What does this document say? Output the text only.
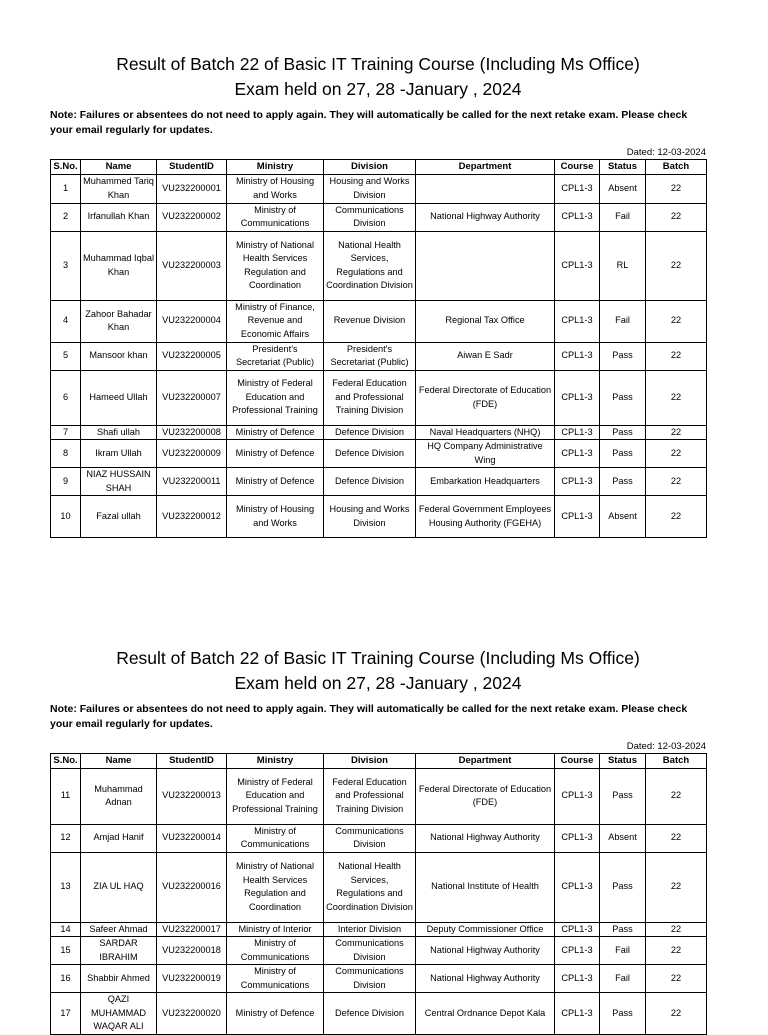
Result of Batch 22 of Basic IT Training Course (Including Ms Office)
Exam held on 27, 28 -January , 2024
Note: Failures or absentees do not need to apply again. They will automatically be called for the next retake exam. Please check your email regularly for updates.
Dated: 12-03-2024
S.No.	Name	StudentID	Ministry	Division	Department	Course	Status	Batch
1	Muhammed Tariq Khan	VU232200001	Ministry of Housing and Works	Housing and Works Division		CPL1-3	Absent	22
2	Irfanullah Khan	VU232200002	Ministry of Communications	Communications Division	National Highway Authority	CPL1-3	Fail	22
3	Muhammad Iqbal Khan	VU232200003	Ministry of National Health Services Regulation and Coordination	National Health Services, Regulations and Coordination Division		CPL1-3	RL	22
4	Zahoor Bahadar Khan	VU232200004	Ministry of Finance, Revenue and Economic Affairs	Revenue Division	Regional Tax Office	CPL1-3	Fail	22
5	Mansoor khan	VU232200005	President's Secretariat (Public)	President's Secretariat (Public)	Aiwan E Sadr	CPL1-3	Pass	22
6	Hameed Ullah	VU232200007	Ministry of Federal Education and Professional Training	Federal Education and Professional Training Division	Federal Directorate of Education (FDE)	CPL1-3	Pass	22
7	Shafi ullah	VU232200008	Ministry of Defence	Defence Division	Naval Headquarters (NHQ)	CPL1-3	Pass	22
8	Ikram Ullah	VU232200009	Ministry of Defence	Defence Division	HQ Company Administrative Wing	CPL1-3	Pass	22
9	NIAZ HUSSAIN SHAH	VU232200011	Ministry of Defence	Defence Division	Embarkation Headquarters	CPL1-3	Pass	22
10	Fazal ullah	VU232200012	Ministry of Housing and Works	Housing and Works Division	Federal Government Employees Housing Authority (FGEHA)	CPL1-3	Absent	22
Result of Batch 22 of Basic IT Training Course (Including Ms Office)
Exam held on 27, 28 -January , 2024
Note: Failures or absentees do not need to apply again. They will automatically be called for the next retake exam. Please check your email regularly for updates.
Dated: 12-03-2024
S.No.	Name	StudentID	Ministry	Division	Department	Course	Status	Batch
11	Muhammad Adnan	VU232200013	Ministry of Federal Education and Professional Training	Federal Education and Professional Training Division	Federal Directorate of Education (FDE)	CPL1-3	Pass	22
12	Amjad Hanif	VU232200014	Ministry of Communications	Communications Division	National Highway Authority	CPL1-3	Absent	22
13	ZIA UL HAQ	VU232200016	Ministry of National Health Services Regulation and Coordination	National Health Services, Regulations and Coordination Division	National Institute of Health	CPL1-3	Pass	22
14	Safeer Ahmad	VU232200017	Ministry of Interior	Interior Division	Deputy Commissioner Office	CPL1-3	Pass	22
15	SARDAR IBRAHIM	VU232200018	Ministry of Communications	Communications Division	National Highway Authority	CPL1-3	Fail	22
16	Shabbir Ahmed	VU232200019	Ministry of Communications	Communications Division	National Highway Authority	CPL1-3	Fail	22
17	QAZI MUHAMMAD WAQAR ALI	VU232200020	Ministry of Defence	Defence Division	Central Ordnance Depot Kala	CPL1-3	Pass	22
